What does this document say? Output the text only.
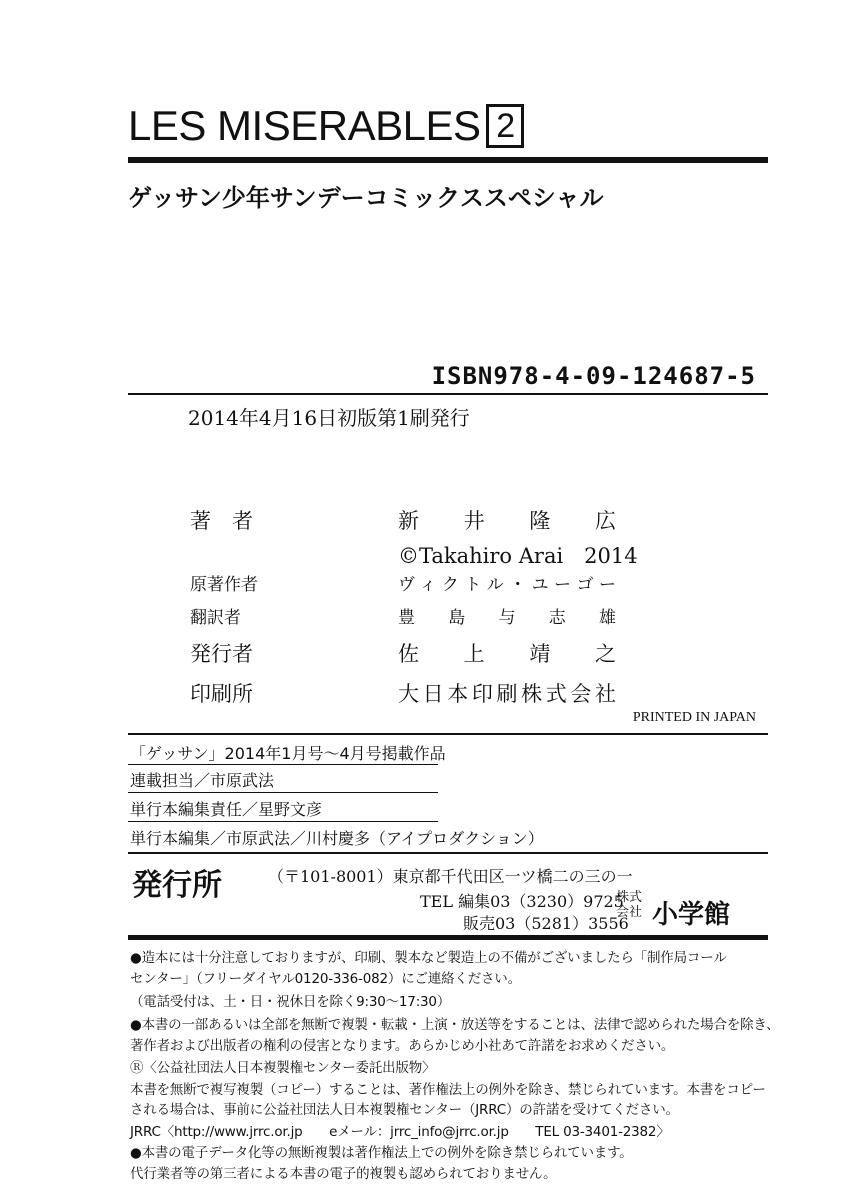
LES MISERABLES 2
ゲッサン少年サンデーコミックススペシャル
ISBN978-4-09-124687-5
2014年4月16日初版第1刷発行
著　者	新井隆広
©Takahiro Arai　2014
原著作者	ヴィクトル・ユーゴー
翻訳者	豊島与志雄
発行者	佐上靖之
印刷所	大日本印刷株式会社
PRINTED IN JAPAN
「ゲッサン」2014年1月号～4月号掲載作品
連載担当／市原武法
単行本編集責任／星野文彦
単行本編集／市原武法／川村慶多（アイプロダクション）
発行所	（〒101-8001）東京都千代田区一ツ橋二の三の一
TEL 編集03（3230）9725
販売03（5281）3556
株式
会社 小学館
●造本には十分注意しておりますが、印刷、製本など製造上の不備がございましたら「制作局コール
センター」（フリーダイヤル0120-336-082）にご連絡ください。
（電話受付は、土・日・祝休日を除く9:30～17:30）
●本書の一部あるいは全部を無断で複製・転載・上演・放送等をすることは、法律で認められた場合を除き、
著作者および出版者の権利の侵害となります。あらかじめ小社あて許諾をお求めください。
Ⓡ〈公益社団法人日本複製権センター委託出版物〉
本書を無断で複写複製（コピー）することは、著作権法上の例外を除き、禁じられています。本書をコピー
される場合は、事前に公益社団法人日本複製権センター（JRRC）の許諾を受けてください。
JRRC〈http://www.jrrc.or.jp　　eメール：jrrc_info@jrrc.or.jp　　TEL 03-3401-2382〉
●本書の電子データ化等の無断複製は著作権法上での例外を除き禁じられています。
代行業者等の第三者による本書の電子的複製も認められておりません。
